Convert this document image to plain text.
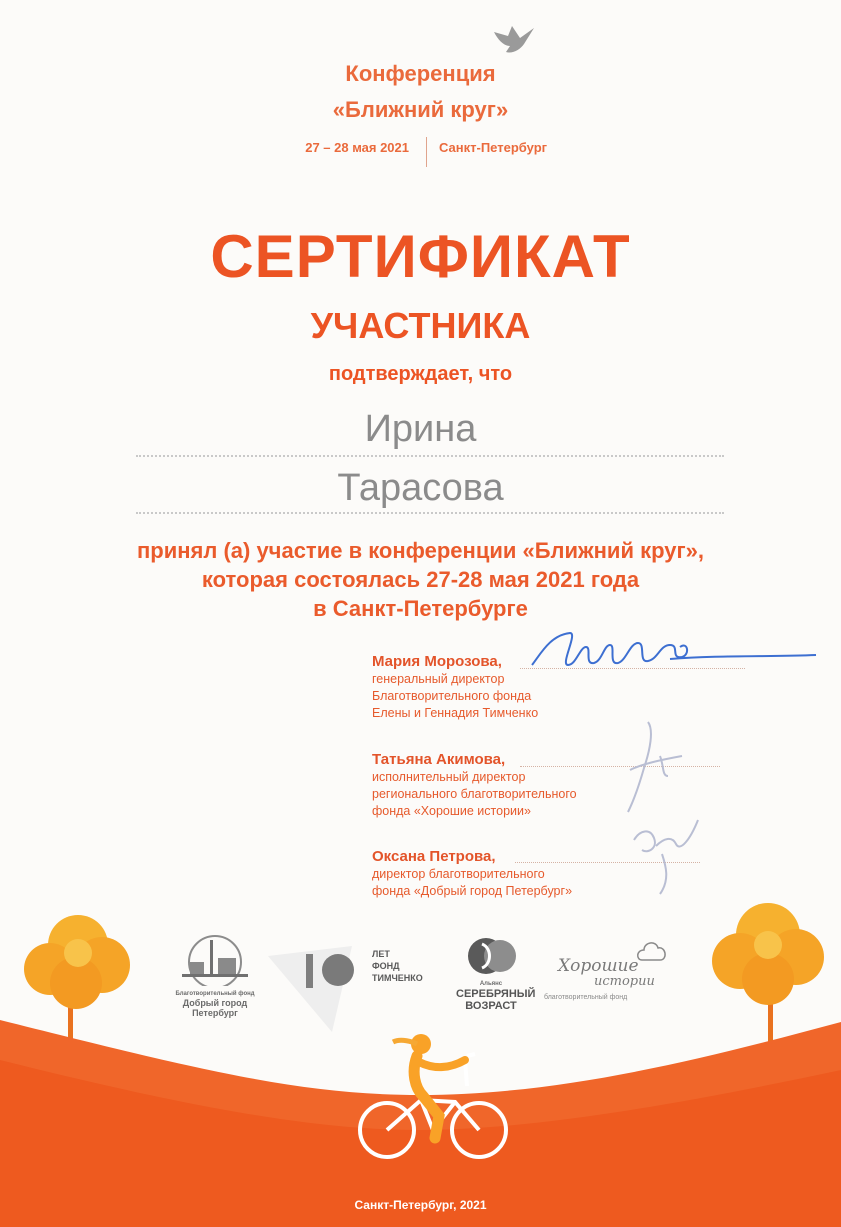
Конференция
«Ближний круг»
27 – 28 мая 2021 Санкт-Петербург
СЕРТИФИКАТ
УЧАСТНИКА
подтверждает, что
Ирина
Тарасова
принял (а) участие в конференции «Ближний круг»,
которая состоялась 27-28 мая 2021 года
в Санкт-Петербурге
Мария Морозова,
генеральный директор
Благотворительного фонда
Елены и Геннадия Тимченко
Татьяна Акимова,
исполнительный директор
регионального благотворительного
фонда «Хорошие истории»
Оксана Петрова,
директор благотворительного
фонда «Добрый город Петербург»
Благотворительный фонд
Добрый город
Петербург
ЛЕТ
ФОНД
ТИМЧЕНКО
Альянс
СЕРЕБРЯНЫЙ
ВОЗРАСТ
Хорошие
истории
благотворительный фонд
Санкт-Петербург, 2021
